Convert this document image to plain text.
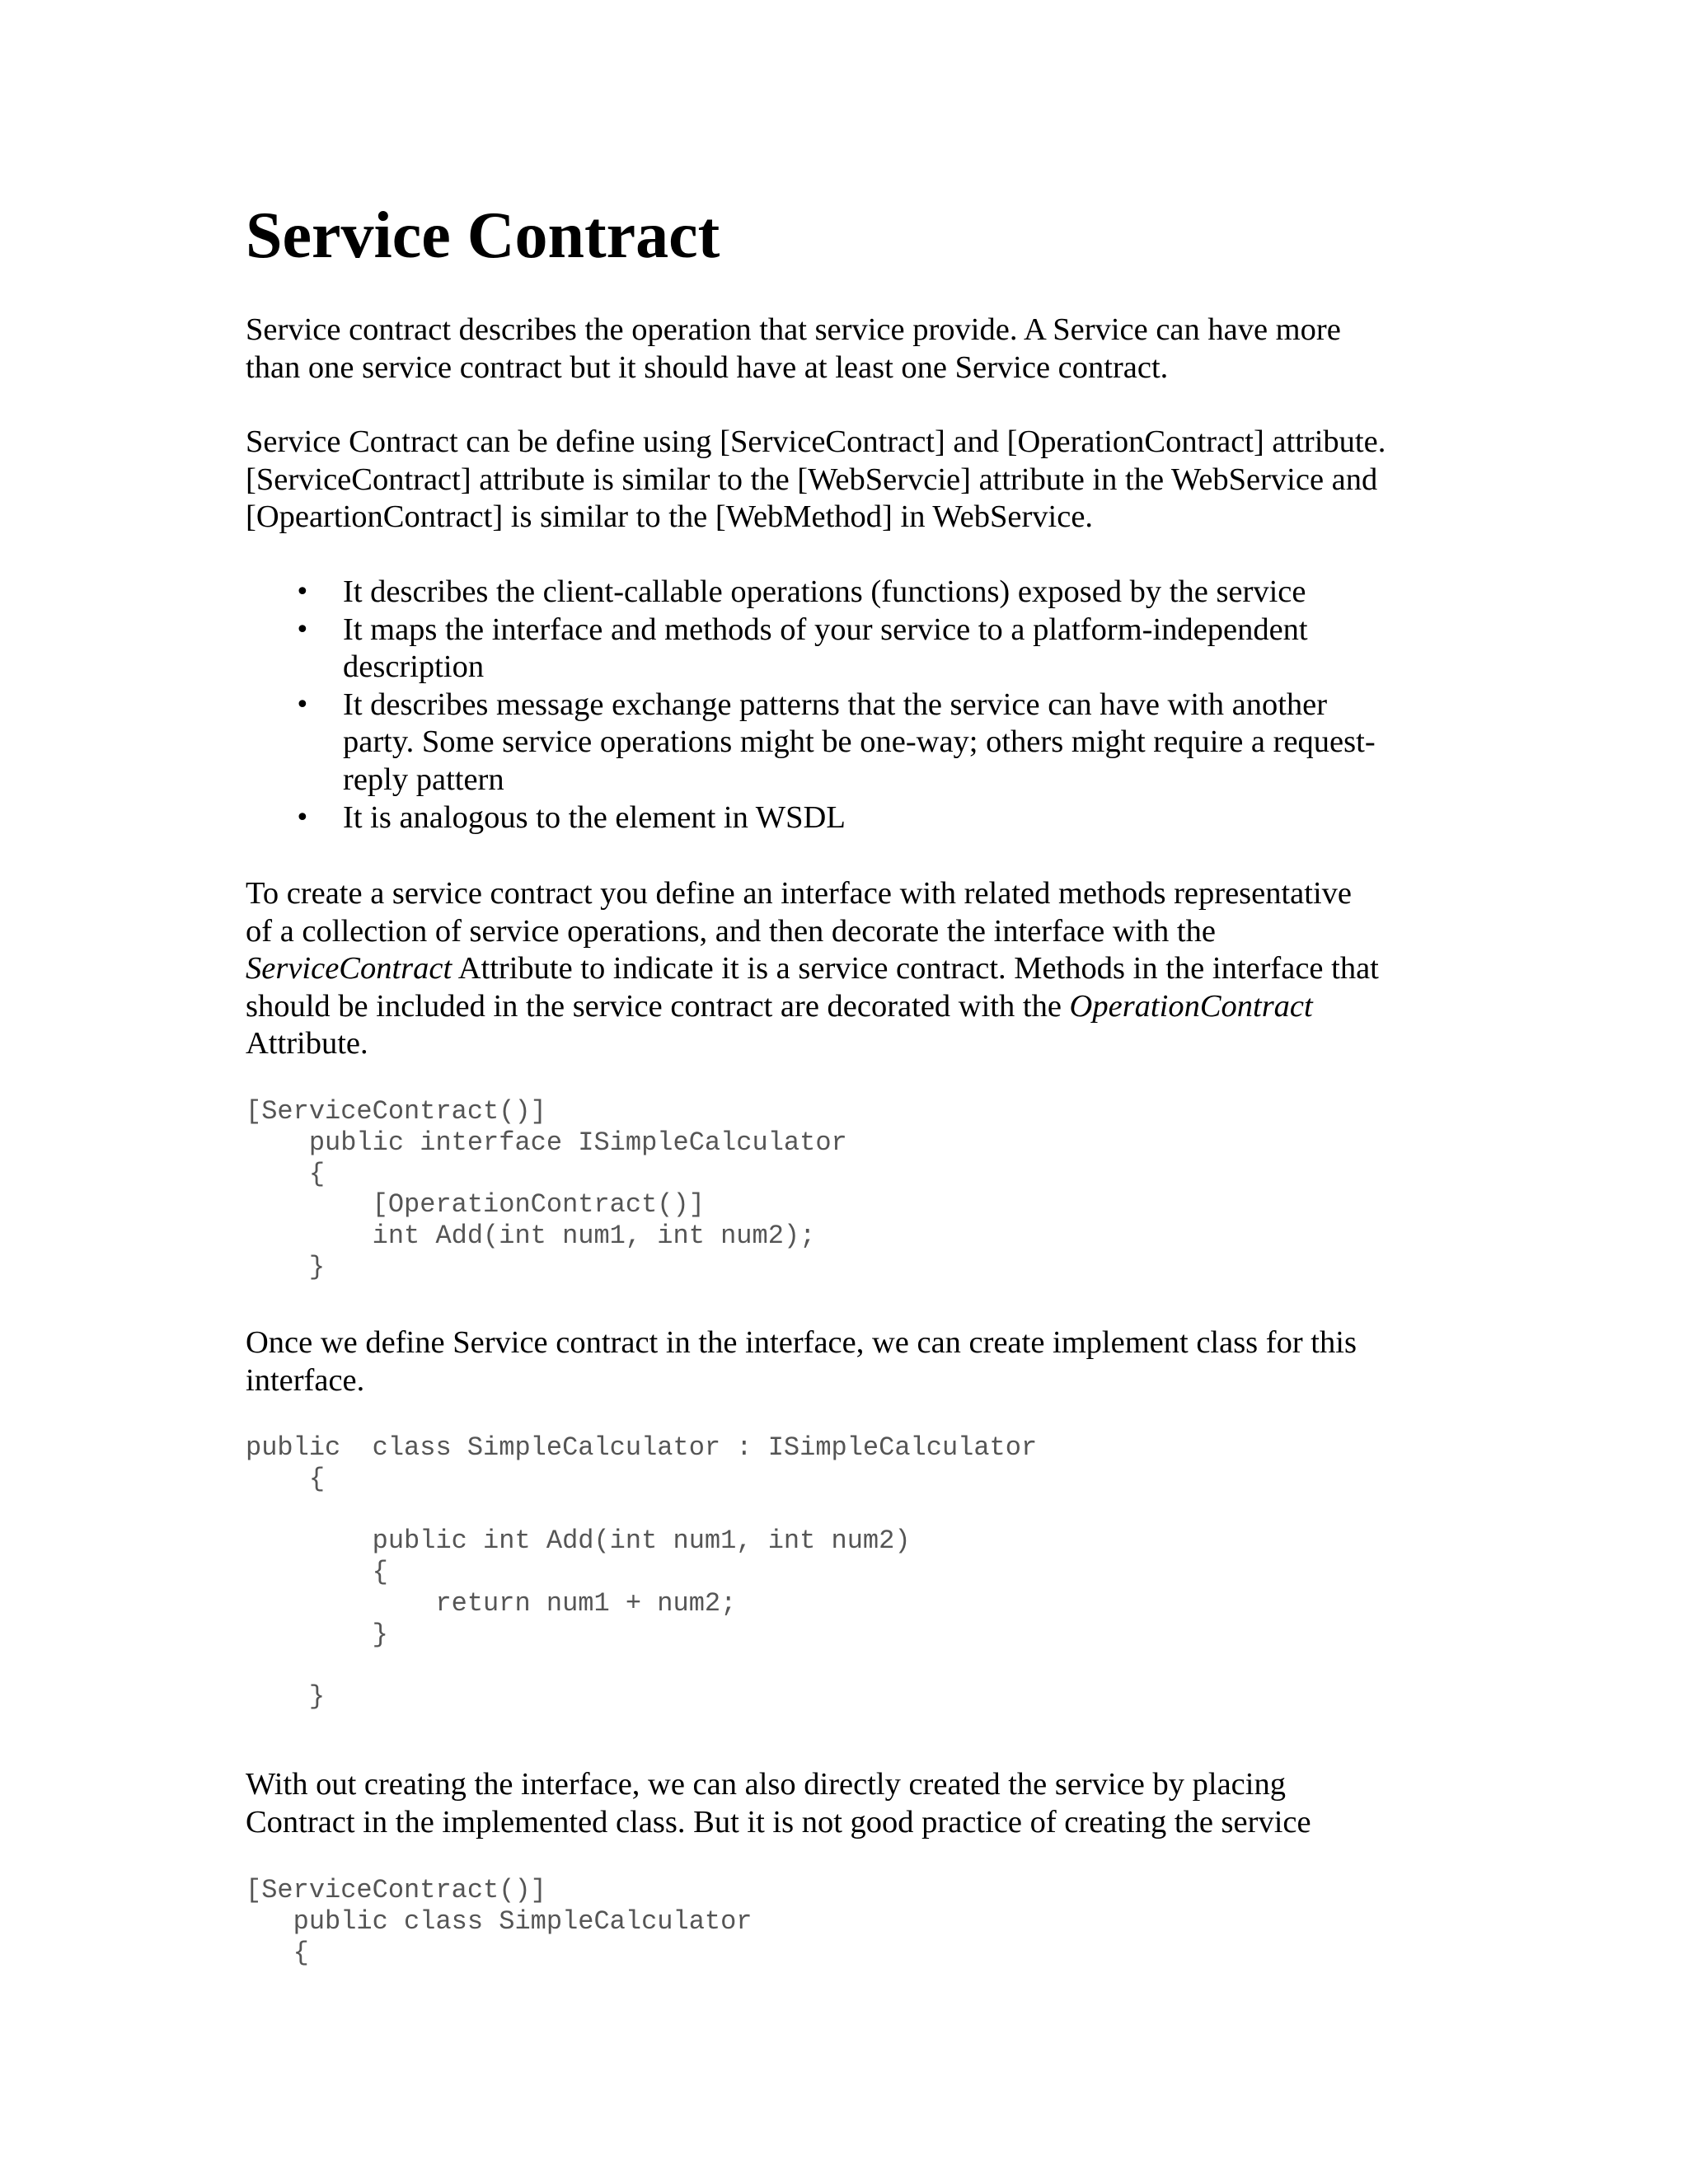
Service Contract

Service contract describes the operation that service provide. A Service can have more
than one service contract but it should have at least one Service contract.

Service Contract can be define using [ServiceContract] and [OperationContract] attribute.
[ServiceContract] attribute is similar to the [WebServcie] attribute in the WebService and
[OpeartionContract] is similar to the [WebMethod] in WebService.

• It describes the client-callable operations (functions) exposed by the service
• It maps the interface and methods of your service to a platform-independent
description
• It describes message exchange patterns that the service can have with another
party. Some service operations might be one-way; others might require a request-
reply pattern
• It is analogous to the element in WSDL

To create a service contract you define an interface with related methods representative
of a collection of service operations, and then decorate the interface with the
ServiceContract Attribute to indicate it is a service contract. Methods in the interface that
should be included in the service contract are decorated with the OperationContract
Attribute.

[ServiceContract()]
public interface ISimpleCalculator
{
[OperationContract()]
int Add(int num1, int num2);
}

Once we define Service contract in the interface, we can create implement class for this
interface.

public  class SimpleCalculator : ISimpleCalculator
{
public int Add(int num1, int num2)
{
return num1 + num2;
}
}

With out creating the interface, we can also directly created the service by placing
Contract in the implemented class. But it is not good practice of creating the service

[ServiceContract()]
public class SimpleCalculator
{
